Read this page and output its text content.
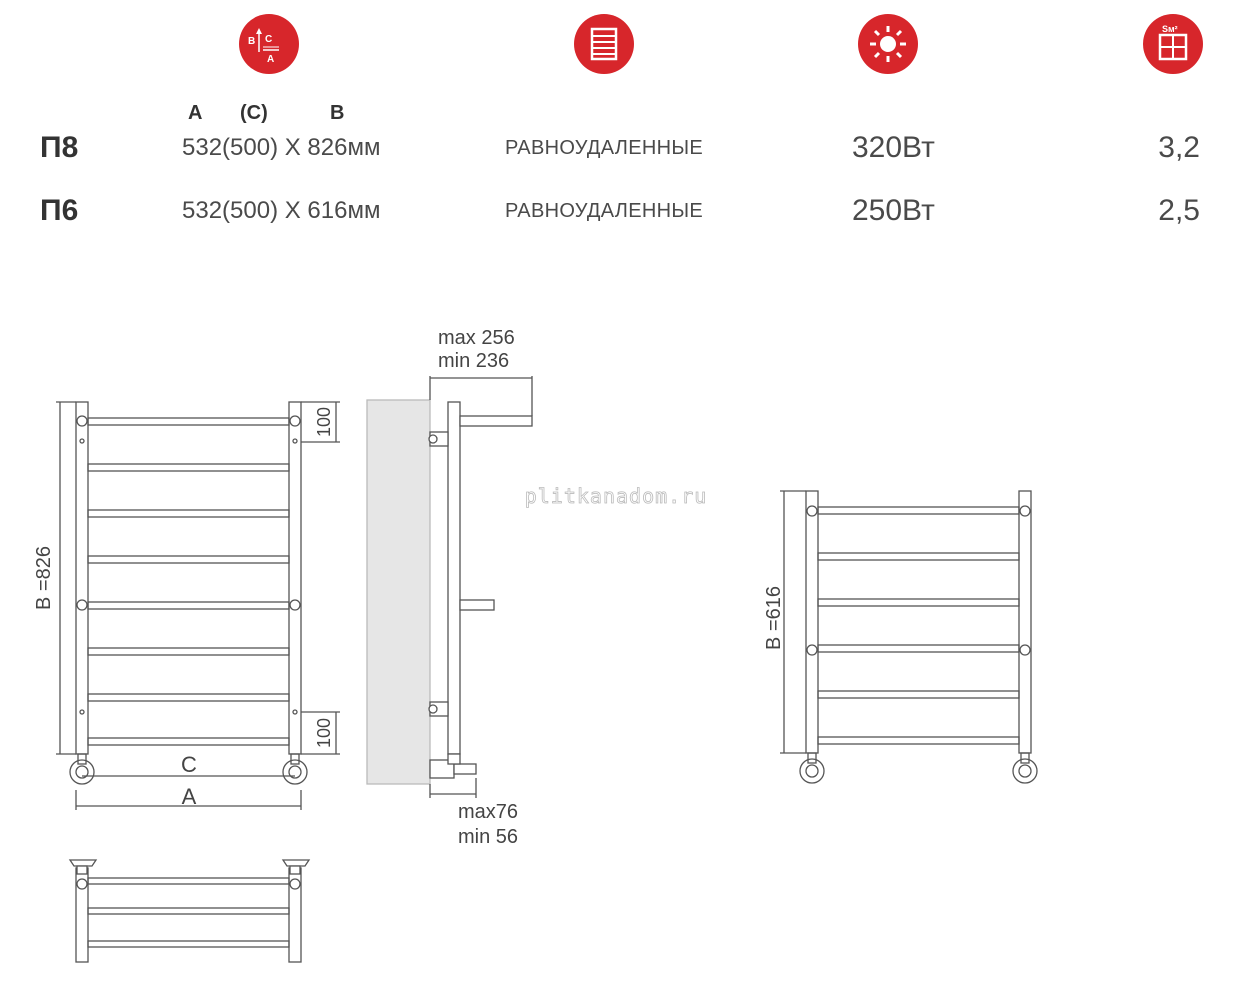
B C
A
Sм²
A (C)	B
П8	532(500) X 826мм	РАВНОУДАЛЕННЫЕ	320Вт	3,2
П6	532(500) X 616мм	РАВНОУДАЛЕННЫЕ	250Вт	2,5
B =826
100
100
C
A
max 256
min 236
max76
min 56
plitkanadom.ru
B =616
